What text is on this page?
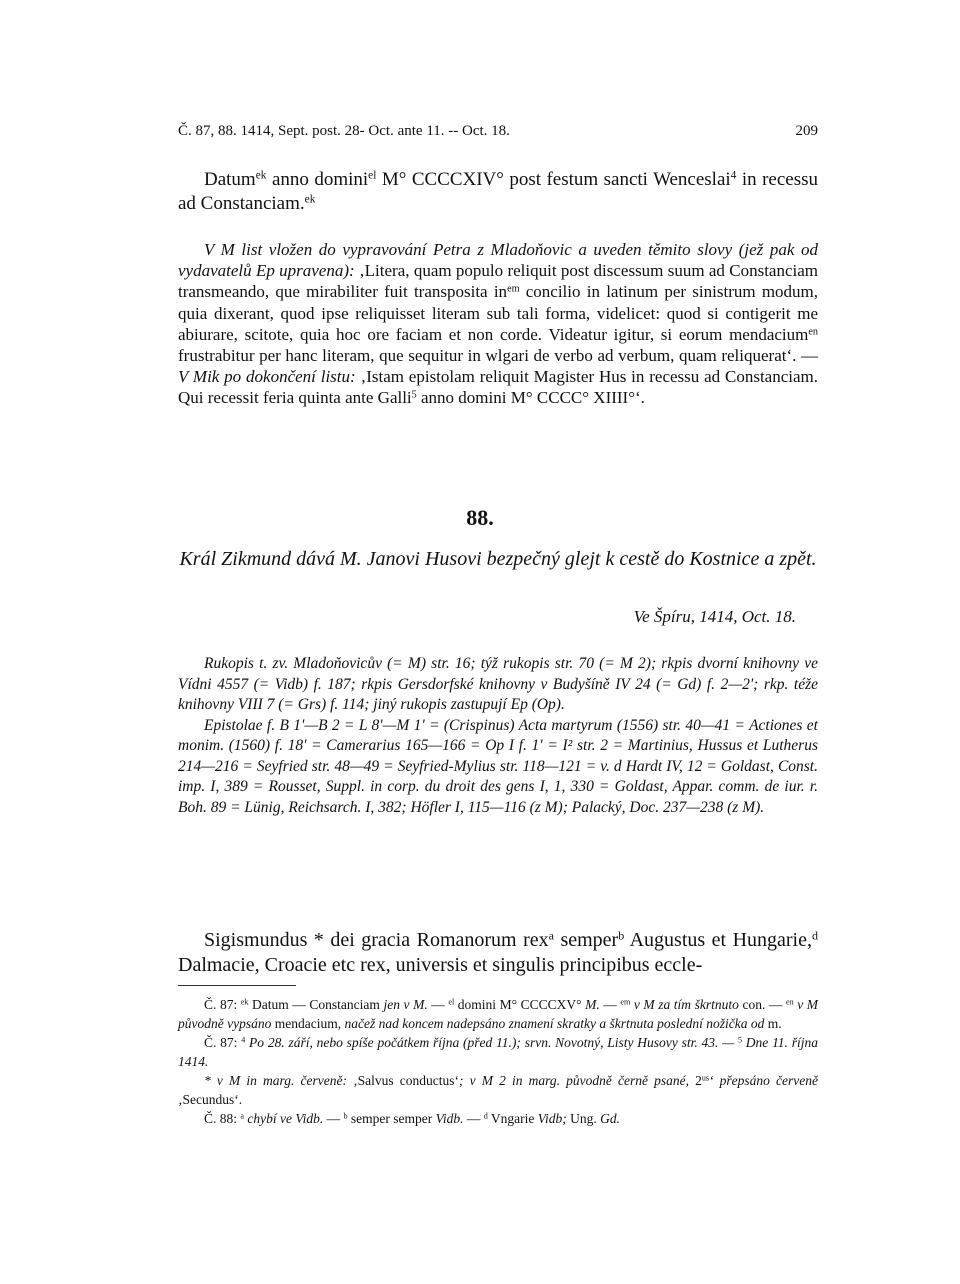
Č. 87, 88. 1414, Sept. post. 28- Oct. ante 11. -- Oct. 18.	209

Datum$^{ek}$ anno domini$^{el}$ M° CCCCXIV° post festum sancti Wenceslai$^4$ in recessu ad Constanciam.$^{ek}$

V M list vložen do vypravování Petra z Mladoňovic a uveden těmito slovy (jež pak od vydavatelů Ep upravena): ‚Litera, quam populo reliquit post discessum suum ad Constanciam transmeando, que mirabiliter fuit transposita $in^{em}$ concilio in latinum per sinistrum modum, quia dixerant, quod ipse reliquisset literam sub tali forma, videlicet: quod si contigerit me abiurare, scitote, quia hoc ore faciam et non corde. Videatur igitur, si eorum mendacium$^{en}$ frustrabitur per hanc literam, que sequitur in wlgari de verbo ad verbum, quam reliquerat‘. — V Mik po dokončení listu: ‚Istam epistolam reliquit Magister Hus in recessu ad Constanciam. Qui recessit feria quinta ante Galli$^5$ anno domini M° CCCC° XIIII°‘.

88.
Král Zikmund dává M. Janovi Husovi bezpečný glejt k cestě do Kostnice a zpět.
Ve Špíru, 1414, Oct. 18.

Rukopis t. zv. Mladoňovicův (= M) str. 16; týž rukopis str. 70 (= M 2); rkpis dvorní knihovny ve Vídni 4557 (= Vidb) f. 187; rkpis Gersdorfské knihovny v Budyšíně IV 24 (= Gd) f. 2—2'; rkp. téže knihovny VIII 7 (= Grs) f. 114; jiný rukopis zastupují Ep (Op).

Epistolae f. B 1'—B 2 = L 8'—M 1' = (Crispinus) Acta martyrum (1556) str. 40—41 = Actiones et monim. (1560) f. 18' = Camerarius 165—166 = Op I f. 1' = I² str. 2 = Martinius, Hussus et Lutherus 214—216 = Seyfried str. 48—49 = Seyfried-Mylius str. 118—121 = v. d Hardt IV, 12 = Goldast, Const. imp. I, 389 = Rousset, Suppl. in corp. du droit des gens I, 1, 330 = Goldast, Appar. comm. de iur. r. Boh. 89 = Lünig, Reichsarch. I, 382; Höfler I, 115—116 (z M); Palacký, Doc. 237—238 (z M).

Sigismundus * dei gracia Romanorum rex$^a$ semper$^b$ Augustus et Hungarie,$^d$ Dalmacie, Croacie etc rex, universis et singulis principibus eccle-

Č. 87: $^{ek}$ Datum — Constanciam jen v M. — $^{el}$ domini M° CCCCXV° M. — $^{em}$ v M za tím škrtnuto con. — $^{en}$ v M původně vypsáno mendacium, načež nad koncem nadepsáno znamení skratky a škrtnuta poslední nožička od m.

Č. 87: $^4$ Po 28. září, nebo spíše počátkem října (před 11.); srvn. Novotný, Listy Husovy str. 43. — $^5$ Dne 11. října 1414.

* v M in marg. červeně: ‚Salvus conductus‘; v M 2 in marg. původně černě psané, $2^{us}‘$ přepsáno červeně ‚Secundus‘.

Č. 88: $^a$ chybí ve Vidb. — $^b$ semper semper Vidb. — $^d$ Vngarie Vidb; Ung. Gd.
